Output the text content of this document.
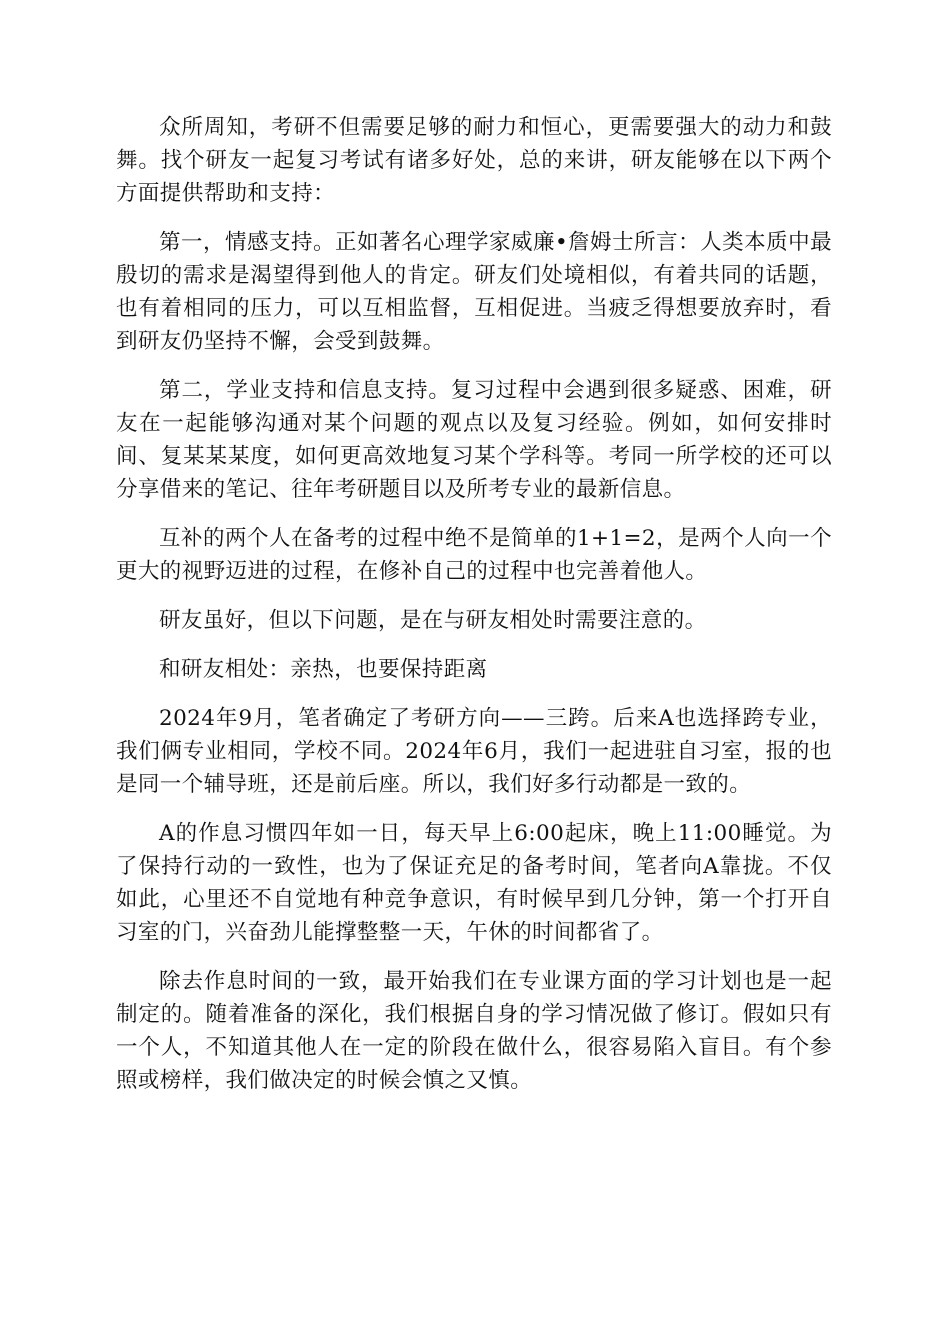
众所周知，考研不但需要足够的耐力和恒心，更需要强大的动力和鼓舞。找个研友一起复习考试有诸多好处，总的来讲，研友能够在以下两个方面提供帮助和支持：

第一，情感支持。正如著名心理学家威廉•詹姆士所言：人类本质中最殷切的需求是渴望得到他人的肯定。研友们处境相似，有着共同的话题，也有着相同的压力，可以互相监督，互相促进。当疲乏得想要放弃时，看到研友仍坚持不懈，会受到鼓舞。

第二，学业支持和信息支持。复习过程中会遇到很多疑惑、困难，研友在一起能够沟通对某个问题的观点以及复习经验。例如，如何安排时间、复某某某度，如何更高效地复习某个学科等。考同一所学校的还可以分享借来的笔记、往年考研题目以及所考专业的最新信息。

互补的两个人在备考的过程中绝不是简单的1+1=2，是两个人向一个更大的视野迈进的过程，在修补自己的过程中也完善着他人。

研友虽好，但以下问题，是在与研友相处时需要注意的。

和研友相处：亲热，也要保持距离

2024年9月，笔者确定了考研方向——三跨。后来A也选择跨专业，我们俩专业相同，学校不同。2024年6月，我们一起进驻自习室，报的也是同一个辅导班，还是前后座。所以，我们好多行动都是一致的。

A的作息习惯四年如一日，每天早上6:00起床，晚上11:00睡觉。为了保持行动的一致性，也为了保证充足的备考时间，笔者向A靠拢。不仅如此，心里还不自觉地有种竞争意识，有时候早到几分钟，第一个打开自习室的门，兴奋劲儿能撑整整一天，午休的时间都省了。

除去作息时间的一致，最开始我们在专业课方面的学习计划也是一起制定的。随着准备的深化，我们根据自身的学习情况做了修订。假如只有一个人，不知道其他人在一定的阶段在做什么，很容易陷入盲目。有个参照或榜样，我们做决定的时候会慎之又慎。
